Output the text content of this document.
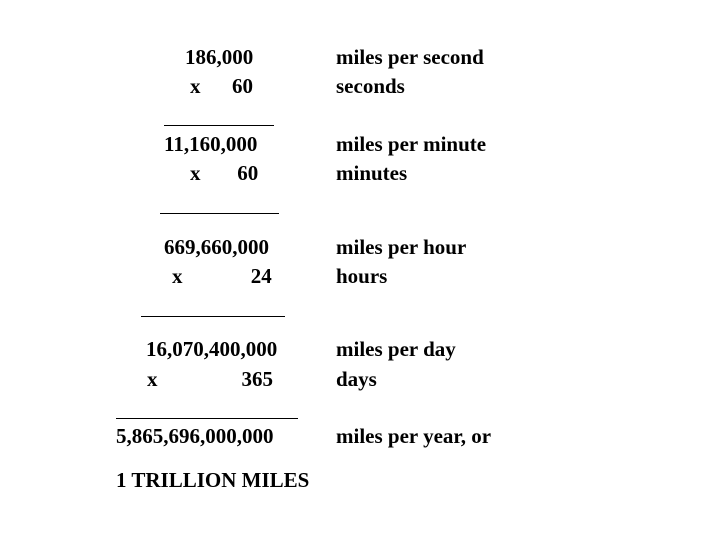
186,000	miles per second
x      60	seconds
11,160,000	miles per minute
x       60	minutes
669,660,000	miles per hour
x             24	hours
16,070,400,000	miles per day
x                365	days
5,865,696,000,000	miles per year, or
1 TRILLION MILES
